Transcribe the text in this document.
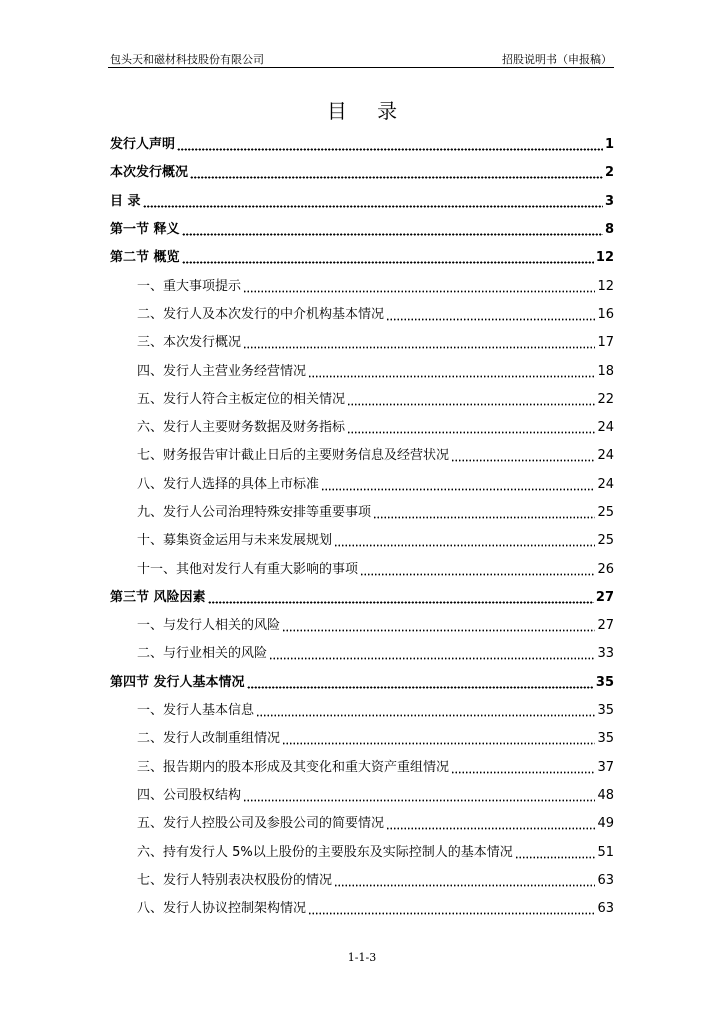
包头天和磁材科技股份有限公司	招股说明书（申报稿）
目 录
发行人声明	1
本次发行概况	2
目 录	3
第一节 释义	8
第二节 概览	12
一、重大事项提示	12
二、发行人及本次发行的中介机构基本情况	16
三、本次发行概况	17
四、发行人主营业务经营情况	18
五、发行人符合主板定位的相关情况	22
六、发行人主要财务数据及财务指标	24
七、财务报告审计截止日后的主要财务信息及经营状况	24
八、发行人选择的具体上市标准	24
九、发行人公司治理特殊安排等重要事项	25
十、募集资金运用与未来发展规划	25
十一、其他对发行人有重大影响的事项	26
第三节 风险因素	27
一、与发行人相关的风险	27
二、与行业相关的风险	33
第四节 发行人基本情况	35
一、发行人基本信息	35
二、发行人改制重组情况	35
三、报告期内的股本形成及其变化和重大资产重组情况	37
四、公司股权结构	48
五、发行人控股公司及参股公司的简要情况	49
六、持有发行人 5%以上股份的主要股东及实际控制人的基本情况	51
七、发行人特别表决权股份的情况	63
八、发行人协议控制架构情况	63
1-1-3
